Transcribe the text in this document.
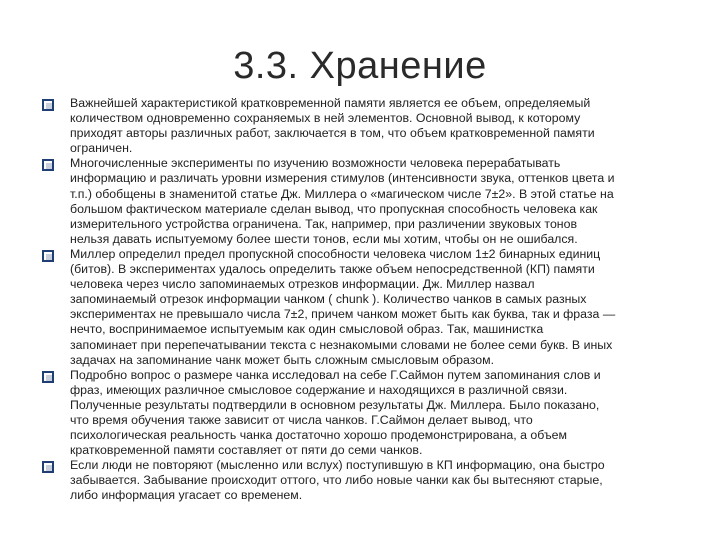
3.3. Хранение
Важнейшей характеристикой кратковременной памяти является ее объем, определяемый
количеством одновременно сохраняемых в ней элементов. Основной вывод, к которому
приходят авторы различных работ, заключается в том, что объем кратковременной памяти
ограничен.
Многочисленные эксперименты по изучению возможности человека перерабатывать
информацию и различать уровни измерения стимулов (интенсивности звука, оттенков цвета и
т.п.) обобщены в знаменитой статье Дж. Миллера о «магическом числе 7±2». В этой статье на
большом фактическом материале сделан вывод, что пропускная способность человека как
измерительного устройства ограничена. Так, например, при различении звуковых тонов
нельзя давать испытуемому более шести тонов, если мы хотим, чтобы он не ошибался.
Миллер определил предел пропускной способности человека числом 1±2 бинарных единиц
(битов). В экспериментах удалось определить также объем непосредственной (КП) памяти
человека через число запоминаемых отрезков информации. Дж. Миллер назвал
запоминаемый отрезок информации чанком ( chunk ). Количество чанков в самых разных
экспериментах не превышало числа 7±2, причем чанком может быть как буква, так и фраза —
нечто, воспринимаемое испытуемым как один смысловой образ. Так, машинистка
запоминает при перепечатывании текста с незнакомыми словами не более семи букв. В иных
задачах на запоминание чанк может быть сложным смысловым образом.
Подробно вопрос о размере чанка исследовал на себе Г.Саймон путем запоминания слов и
фраз, имеющих различное смысловое содержание и находящихся в различной связи.
Полученные результаты подтвердили в основном результаты Дж. Миллера. Было показано,
что время обучения также зависит от числа чанков. Г.Саймон делает вывод, что
психологическая реальность чанка достаточно хорошо продемонстрирована, а объем
кратковременной памяти составляет от пяти до семи чанков.
Если люди не повторяют (мысленно или вслух) поступившую в КП информацию, она быстро
забывается. Забывание происходит оттого, что либо новые чанки как бы вытесняют старые,
либо информация угасает со временем.
